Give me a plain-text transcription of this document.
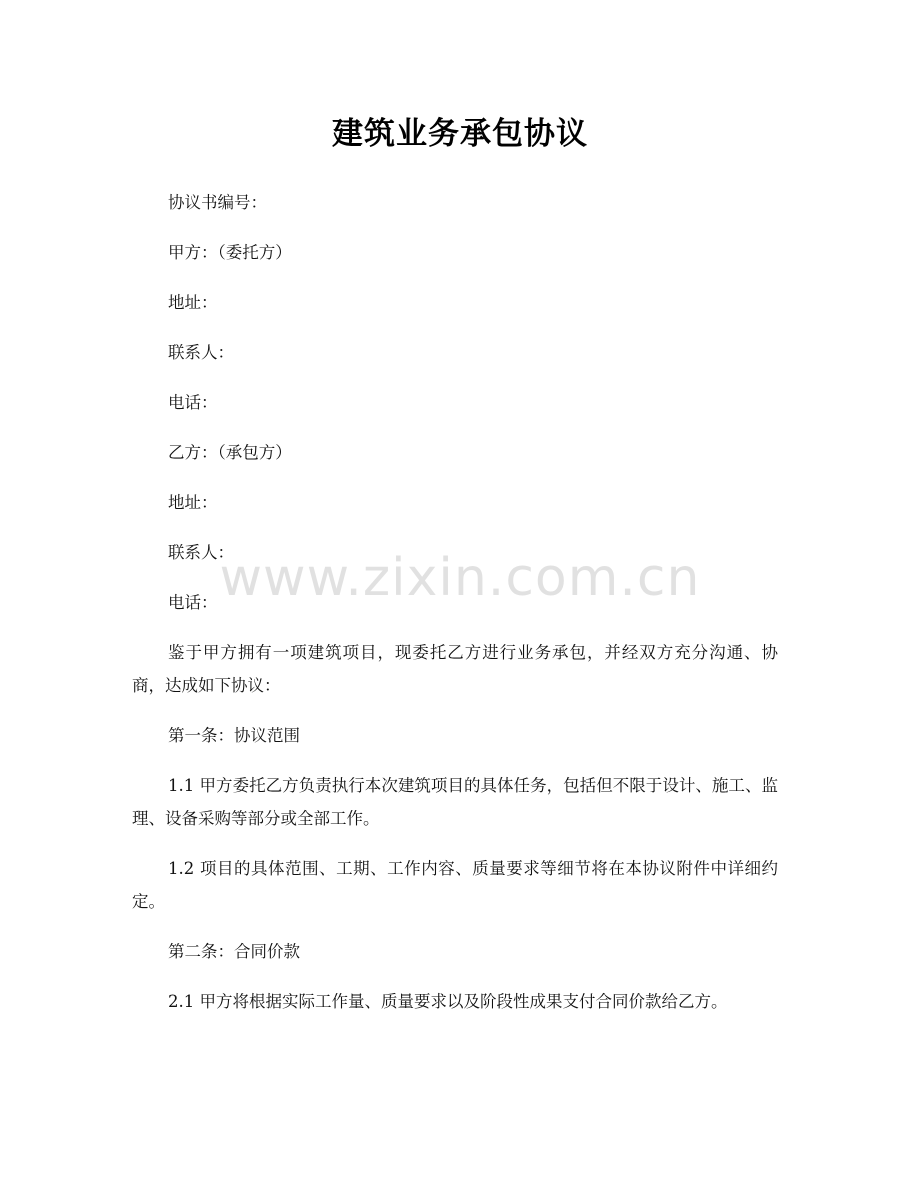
建筑业务承包协议

协议书编号：

甲方：（委托方）

地址：

联系人：

电话：

乙方：（承包方）

地址：

联系人：

电话：

鉴于甲方拥有一项建筑项目，现委托乙方进行业务承包，并经双方充分沟通、协商，达成如下协议：

第一条：协议范围

1.1 甲方委托乙方负责执行本次建筑项目的具体任务，包括但不限于设计、施工、监理、设备采购等部分或全部工作。

1.2 项目的具体范围、工期、工作内容、质量要求等细节将在本协议附件中详细约定。

第二条：合同价款

2.1 甲方将根据实际工作量、质量要求以及阶段性成果支付合同价款给乙方。

www.zixin.com.cn
